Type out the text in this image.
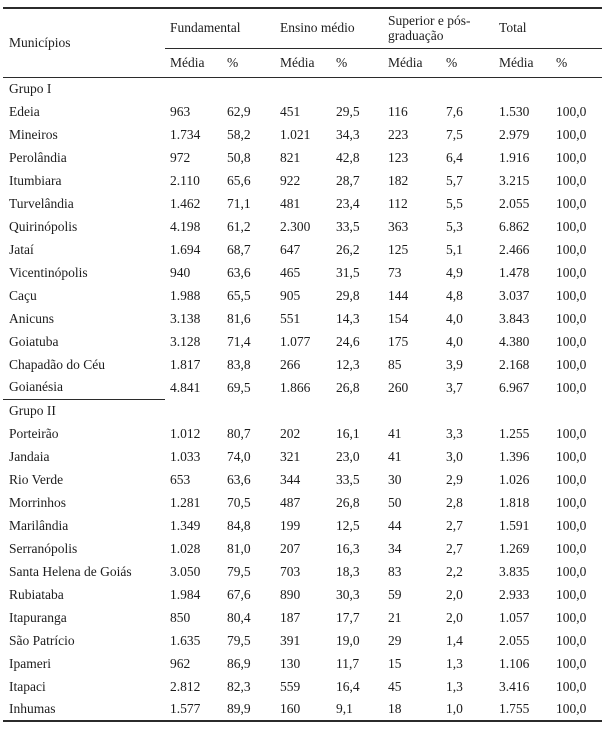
Municípios	Fundamental		Ensino médio		Superior e pós-graduação		Total	
	Média	%	Média	%	Média	%	Média	%
Grupo I								
Edeia	963	62,9	451	29,5	116	7,6	1.530	100,0
Mineiros	1.734	58,2	1.021	34,3	223	7,5	2.979	100,0
Perolândia	972	50,8	821	42,8	123	6,4	1.916	100,0
Itumbiara	2.110	65,6	922	28,7	182	5,7	3.215	100,0
Turvelândia	1.462	71,1	481	23,4	112	5,5	2.055	100,0
Quirinópolis	4.198	61,2	2.300	33,5	363	5,3	6.862	100,0
Jataí	1.694	68,7	647	26,2	125	5,1	2.466	100,0
Vicentinópolis	940	63,6	465	31,5	73	4,9	1.478	100,0
Caçu	1.988	65,5	905	29,8	144	4,8	3.037	100,0
Anicuns	3.138	81,6	551	14,3	154	4,0	3.843	100,0
Goiatuba	3.128	71,4	1.077	24,6	175	4,0	4.380	100,0
Chapadão do Céu	1.817	83,8	266	12,3	85	3,9	2.168	100,0
Goianésia	4.841	69,5	1.866	26,8	260	3,7	6.967	100,0
Grupo II								
Porteirão	1.012	80,7	202	16,1	41	3,3	1.255	100,0
Jandaia	1.033	74,0	321	23,0	41	3,0	1.396	100,0
Rio Verde	653	63,6	344	33,5	30	2,9	1.026	100,0
Morrinhos	1.281	70,5	487	26,8	50	2,8	1.818	100,0
Marilândia	1.349	84,8	199	12,5	44	2,7	1.591	100,0
Serranópolis	1.028	81,0	207	16,3	34	2,7	1.269	100,0
Santa Helena de Goiás	3.050	79,5	703	18,3	83	2,2	3.835	100,0
Rubiataba	1.984	67,6	890	30,3	59	2,0	2.933	100,0
Itapuranga	850	80,4	187	17,7	21	2,0	1.057	100,0
São Patrício	1.635	79,5	391	19,0	29	1,4	2.055	100,0
Ipameri	962	86,9	130	11,7	15	1,3	1.106	100,0
Itapaci	2.812	82,3	559	16,4	45	1,3	3.416	100,0
Inhumas	1.577	89,9	160	9,1	18	1,0	1.755	100,0
